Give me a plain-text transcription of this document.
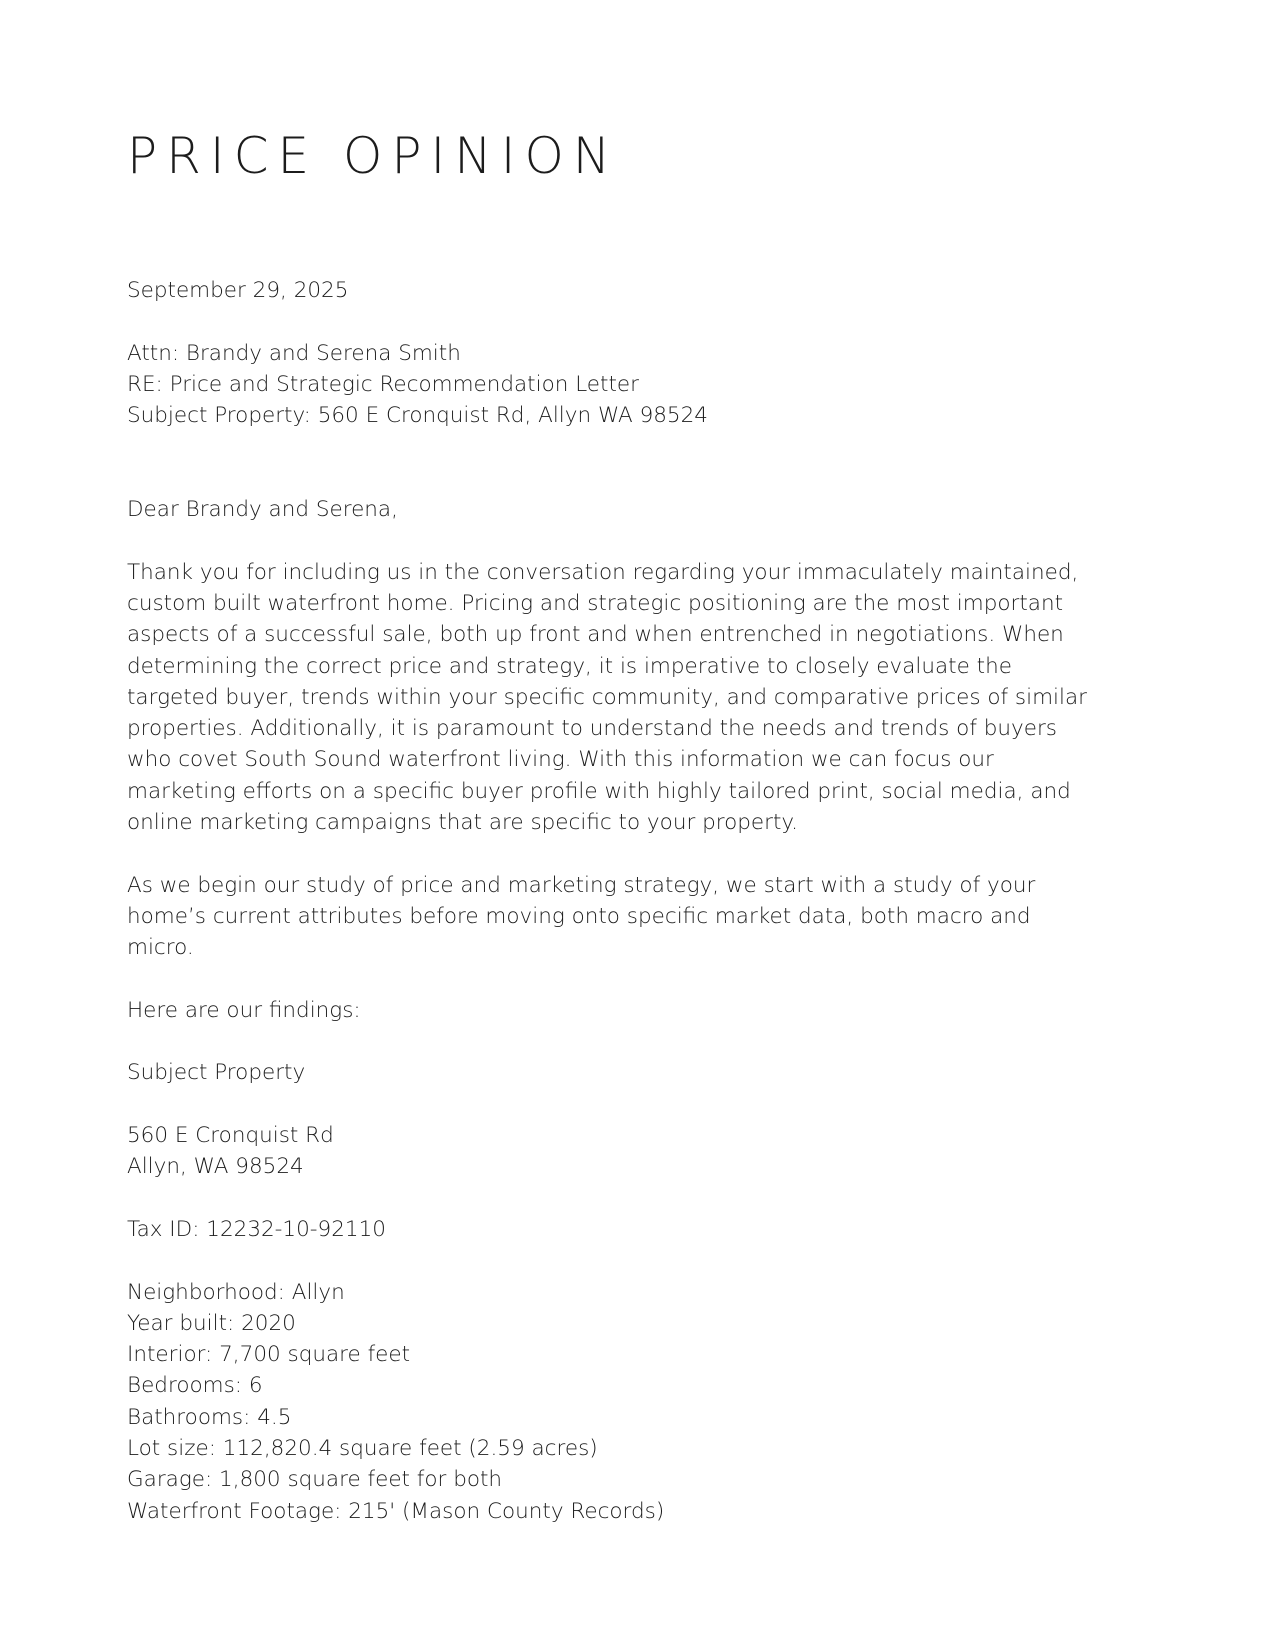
PRICE OPINION
September 29, 2025
Attn: Brandy and Serena Smith
RE: Price and Strategic Recommendation Letter
Subject Property: 560 E Cronquist Rd, Allyn WA 98524
Dear Brandy and Serena,
Thank you for including us in the conversation regarding your immaculately maintained,
custom built waterfront home. Pricing and strategic positioning are the most important
aspects of a successful sale, both up front and when entrenched in negotiations. When
determining the correct price and strategy, it is imperative to closely evaluate the
targeted buyer, trends within your specific community, and comparative prices of similar
properties. Additionally, it is paramount to understand the needs and trends of buyers
who covet South Sound waterfront living. With this information we can focus our
marketing efforts on a specific buyer profile with highly tailored print, social media, and
online marketing campaigns that are specific to your property.
As we begin our study of price and marketing strategy, we start with a study of your
home’s current attributes before moving onto specific market data, both macro and
micro.
Here are our findings:
Subject Property
560 E Cronquist Rd
Allyn, WA 98524
Tax ID: 12232-10-92110
Neighborhood: Allyn
Year built: 2020
Interior: 7,700 square feet
Bedrooms: 6
Bathrooms: 4.5
Lot size: 112,820.4 square feet (2.59 acres)
Garage: 1,800 square feet for both
Waterfront Footage: 215' (Mason County Records)
